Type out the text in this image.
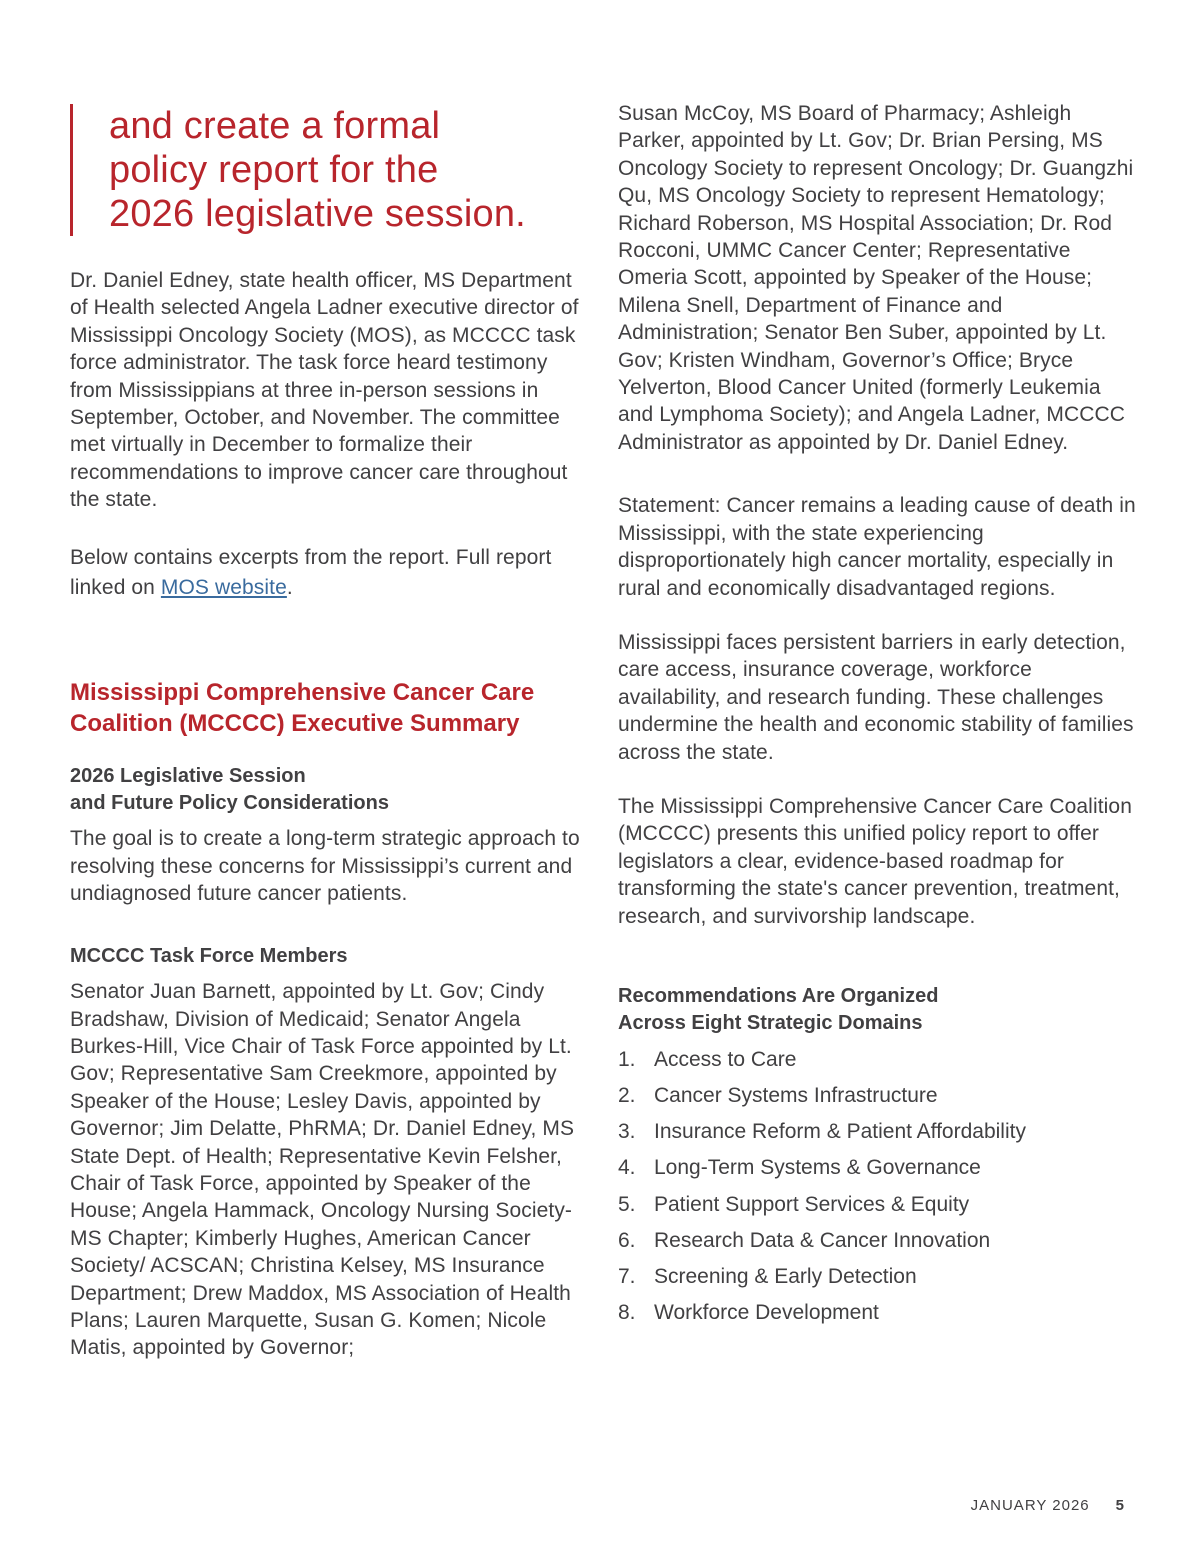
and create a formal
policy report for the
2026 legislative session.

Dr. Daniel Edney, state health officer, MS Department of Health selected Angela Ladner executive director of Mississippi Oncology Society (MOS), as MCCCC task force administrator. The task force heard testimony from Mississippians at three in-person sessions in September, October, and November. The committee met virtually in December to formalize their recommendations to improve cancer care throughout the state.

Below contains excerpts from the report. Full report linked on MOS website.

Mississippi Comprehensive Cancer Care
Coalition (MCCCC) Executive Summary
2026 Legislative Session
and Future Policy Considerations

The goal is to create a long-term strategic approach to resolving these concerns for Mississippi’s current and undiagnosed future cancer patients.

MCCCC Task Force Members

Senator Juan Barnett, appointed by Lt. Gov; Cindy Bradshaw, Division of Medicaid; Senator Angela Burkes-Hill, Vice Chair of Task Force appointed by Lt. Gov; Representative Sam Creekmore, appointed by Speaker of the House; Lesley Davis, appointed by Governor; Jim Delatte, PhRMA; Dr. Daniel Edney, MS State Dept. of Health; Representative Kevin Felsher, Chair of Task Force, appointed by Speaker of the House; Angela Hammack, Oncology Nursing Society-MS Chapter; Kimberly Hughes, American Cancer Society/ ACSCAN; Christina Kelsey, MS Insurance Department; Drew Maddox, MS Association of Health Plans; Lauren Marquette, Susan G. Komen; Nicole Matis, appointed by Governor;

Susan McCoy, MS Board of Pharmacy; Ashleigh Parker, appointed by Lt. Gov; Dr. Brian Persing, MS Oncology Society to represent Oncology; Dr. Guangzhi Qu, MS Oncology Society to represent Hematology; Richard Roberson, MS Hospital Association; Dr. Rod Rocconi, UMMC Cancer Center; Representative Omeria Scott, appointed by Speaker of the House; Milena Snell, Department of Finance and Administration; Senator Ben Suber, appointed by Lt. Gov; Kristen Windham, Governor’s Office; Bryce Yelverton, Blood Cancer United (formerly Leukemia and Lymphoma Society); and Angela Ladner, MCCCC Administrator as appointed by Dr. Daniel Edney.

Statement: Cancer remains a leading cause of death in Mississippi, with the state experiencing disproportionately high cancer mortality, especially in rural and economically disadvantaged regions.

Mississippi faces persistent barriers in early detection, care access, insurance coverage, workforce availability, and research funding. These challenges undermine the health and economic stability of families across the state.

The Mississippi Comprehensive Cancer Care Coalition (MCCCC) presents this unified policy report to offer legislators a clear, evidence-based roadmap for transforming the state's cancer prevention, treatment, research, and survivorship landscape.

Recommendations Are Organized
Across Eight Strategic Domains
1. Access to Care
2. Cancer Systems Infrastructure
3. Insurance Reform & Patient Affordability
4. Long-Term Systems & Governance
5. Patient Support Services & Equity
6. Research Data & Cancer Innovation
7. Screening & Early Detection
8. Workforce Development
JANUARY 2026 5
